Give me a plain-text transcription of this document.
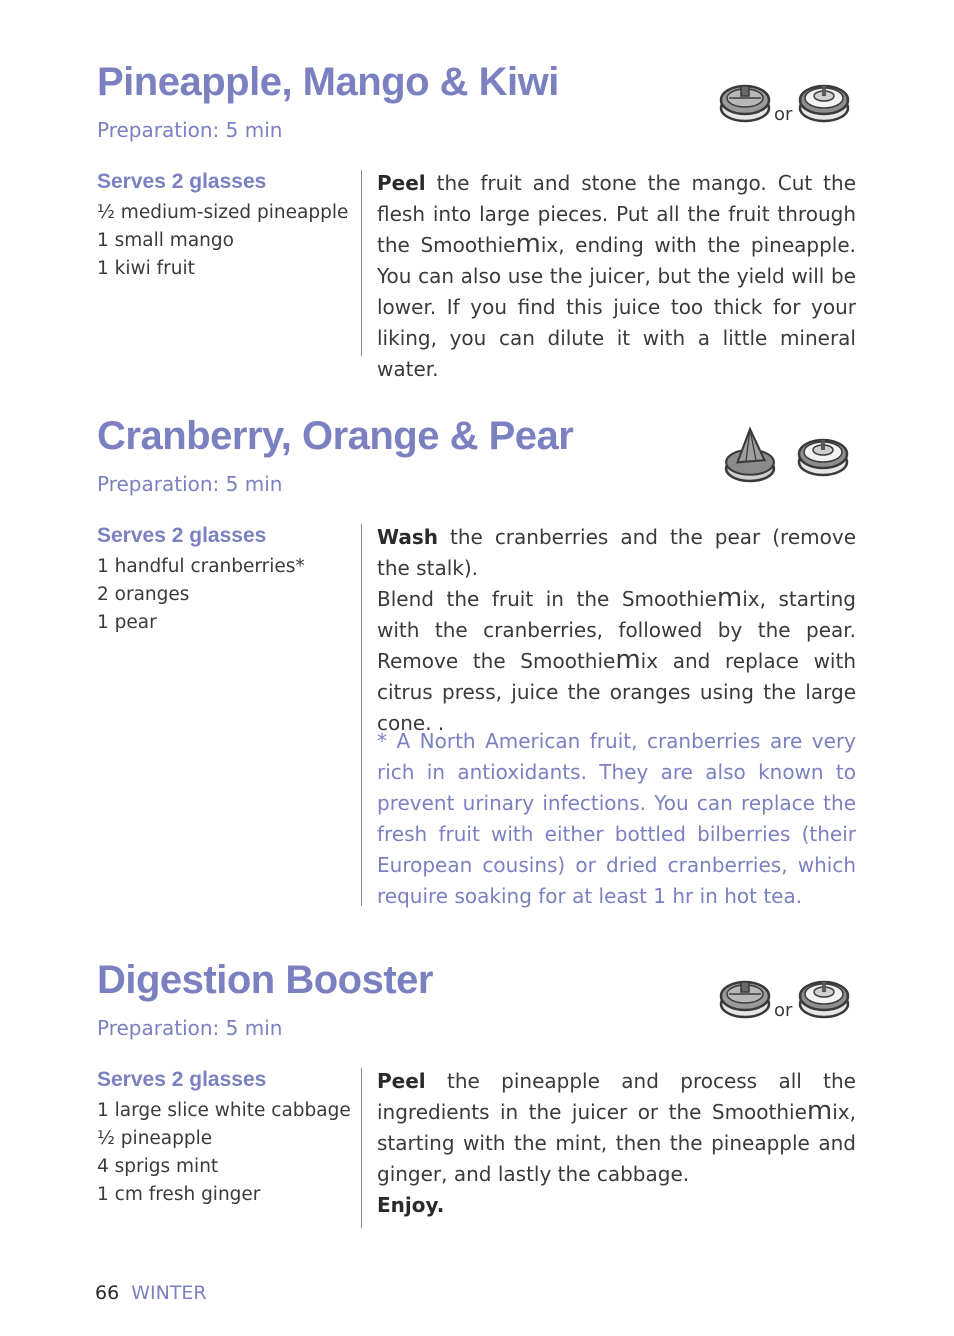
Pineapple, Mango & Kiwi
Preparation: 5 min
or
Serves 2 glasses
½ medium-sized pineapple
1 small mango
1 kiwi fruit

Peel the fruit and stone the mango. Cut the flesh into large pieces. Put all the fruit through the Smoothiemix, ending with the pineapple. You can also use the juicer, but the yield will be lower. If you find this juice too thick for your liking, you can dilute it with a little mineral water.

Cranberry, Orange & Pear
Preparation: 5 min
Serves 2 glasses
1 handful cranberries*
2 oranges
1 pear

Wash the cranberries and the pear (remove the stalk).
Blend the fruit in the Smoothiemix, starting with the cranberries, followed by the pear. Remove the Smoothiemix and replace with citrus press, juice the oranges using the large cone. .

* A North American fruit, cranberries are very rich in antioxidants. They are also known to prevent urinary infections. You can replace the fresh fruit with either bottled bilberries (their European cousins) or dried cranberries, which require soaking for at least 1 hr in hot tea.

Digestion Booster
Preparation: 5 min
or
Serves 2 glasses
1 large slice white cabbage
½ pineapple
4 sprigs mint
1 cm fresh ginger

Peel the pineapple and process all the ingredients in the juicer or the Smoothiemix, starting with the mint, then the pineapple and ginger, and lastly the cabbage.
Enjoy.

66 WINTER
